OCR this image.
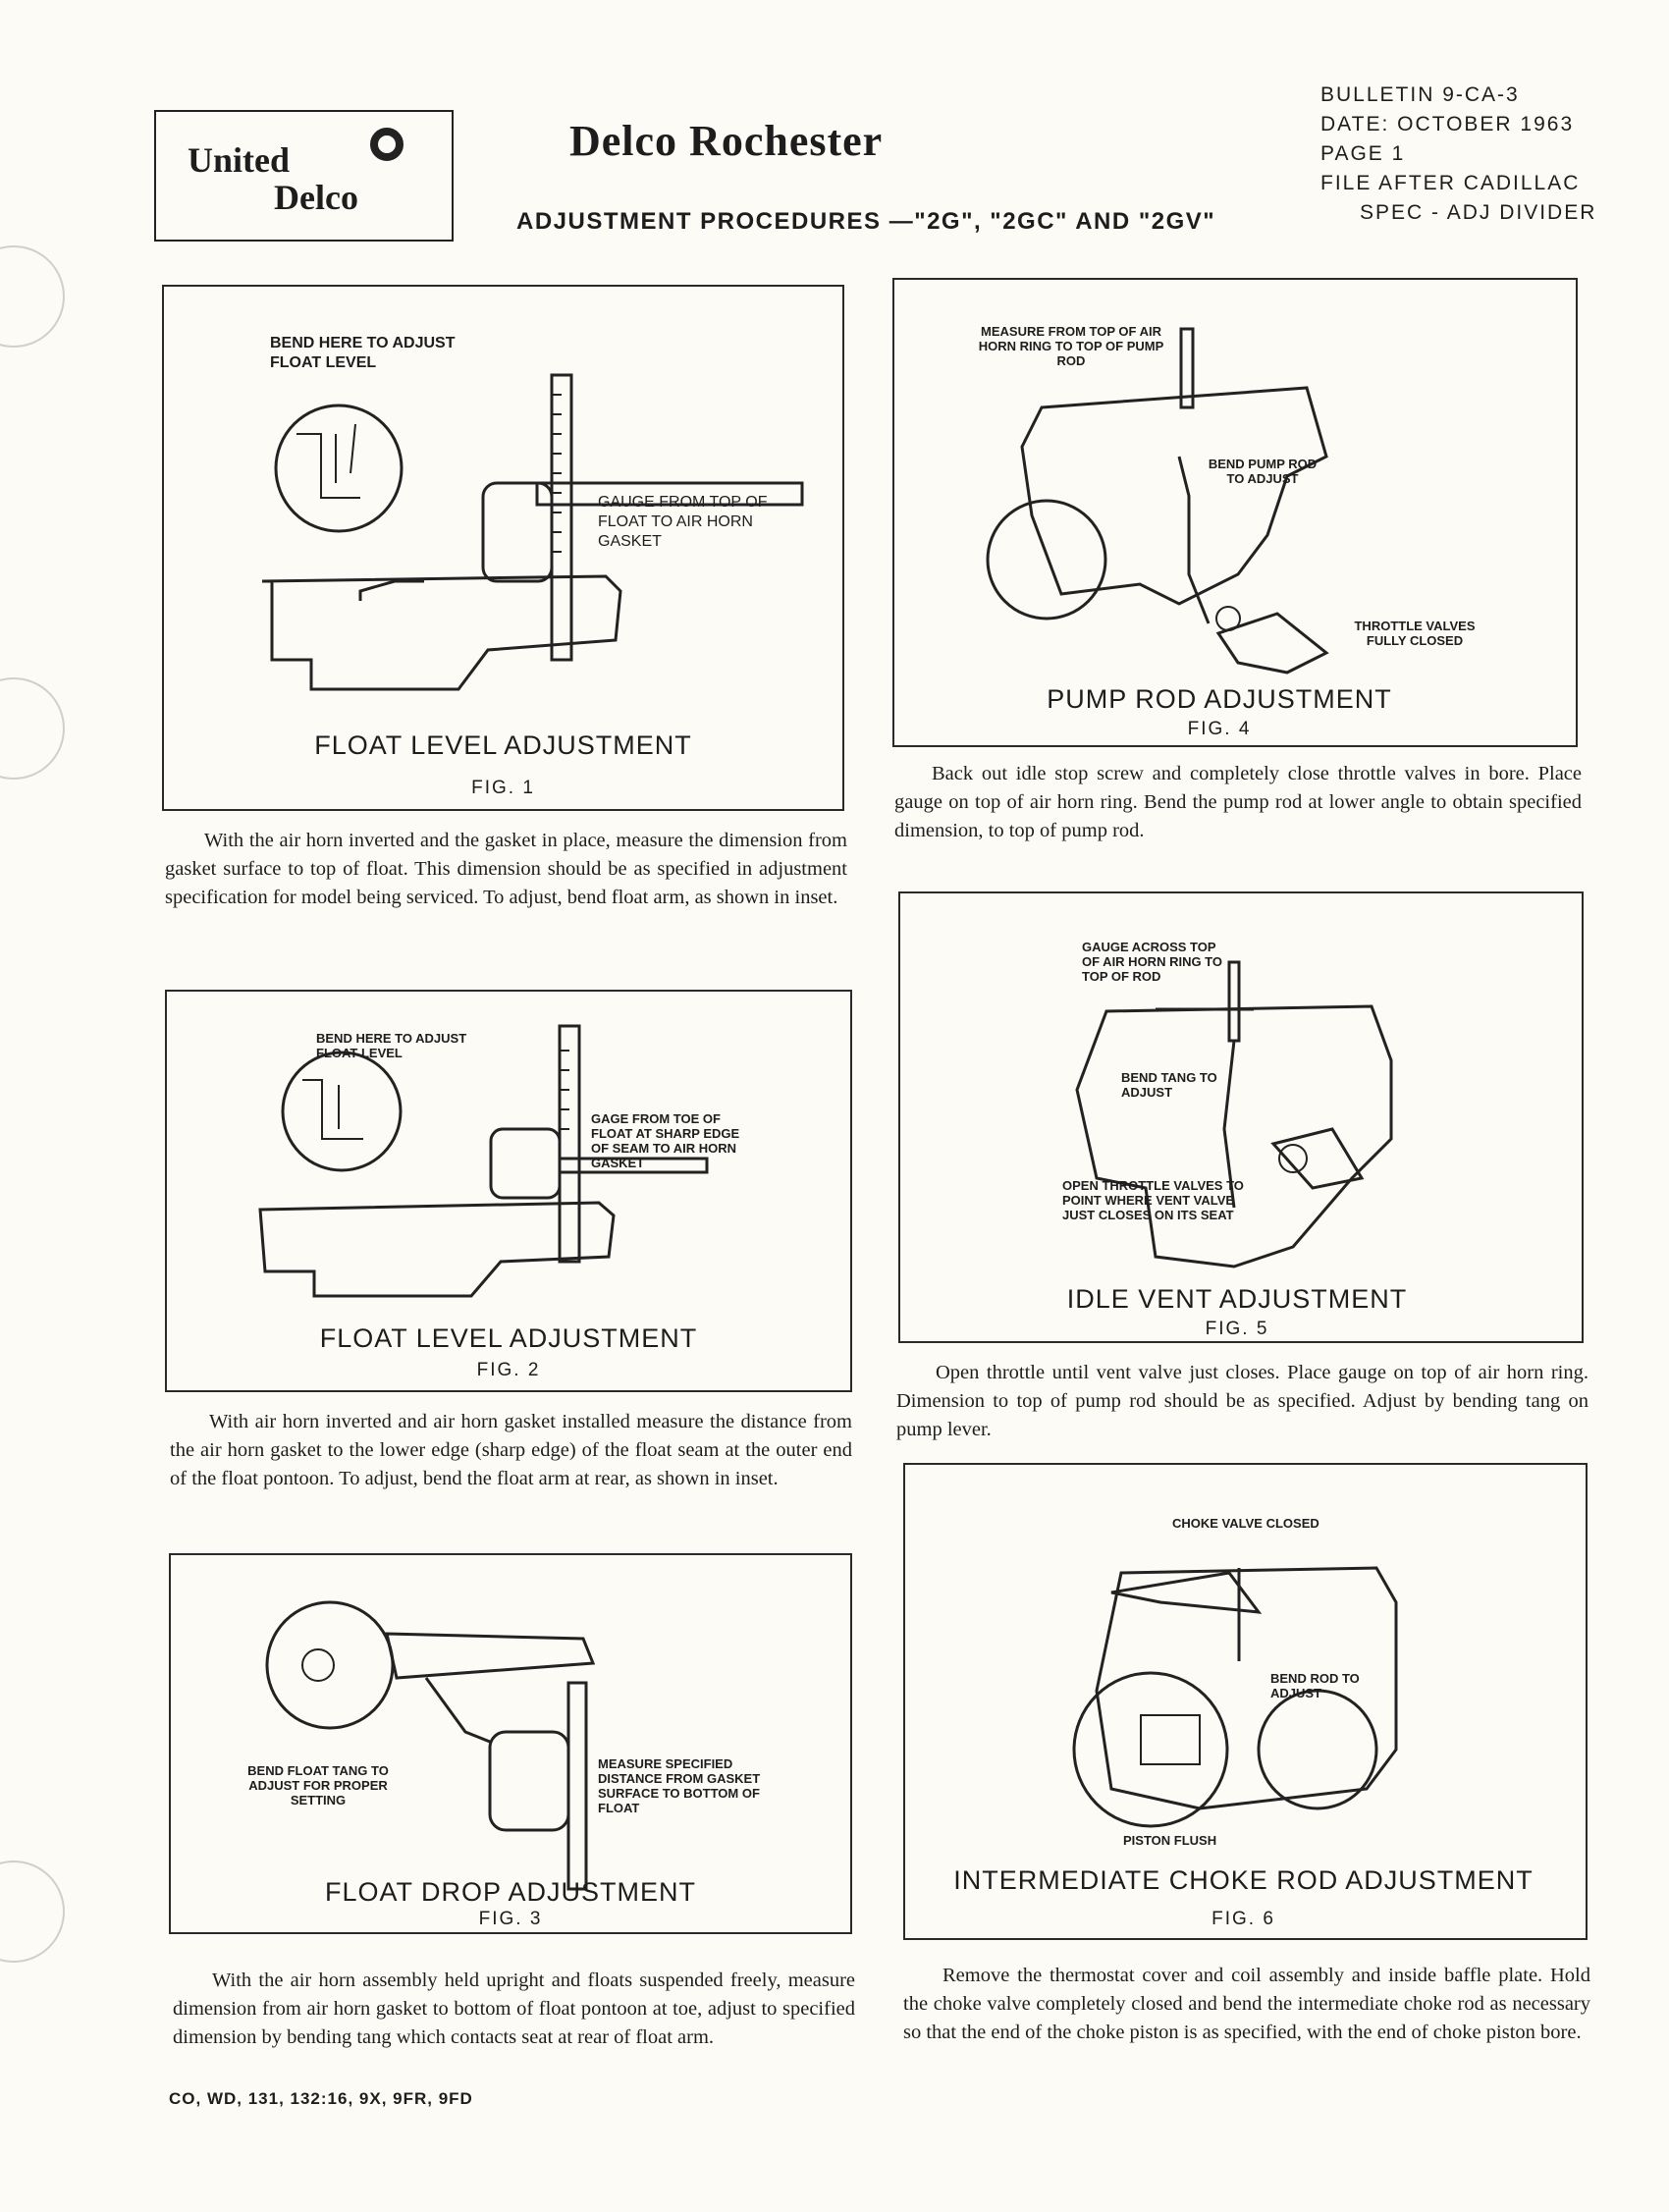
United
Delco
Delco Rochester
ADJUSTMENT PROCEDURES —"2G", "2GC" AND "2GV"
BULLETIN 9-CA-3
DATE: OCTOBER 1963
PAGE 1
FILE AFTER CADILLAC
SPEC - ADJ DIVIDER
BEND HERE TO ADJUST FLOAT LEVEL
GAUGE FROM TOP OF FLOAT TO AIR HORN GASKET
FLOAT LEVEL ADJUSTMENT
FIG. 1
With the air horn inverted and the gasket in place, measure the dimension from gasket surface to top of float. This dimension should be as specified in adjustment specification for model being serviced. To adjust, bend float arm, as shown in inset.
BEND HERE TO ADJUST FLOAT LEVEL
GAGE FROM TOE OF FLOAT AT SHARP EDGE OF SEAM TO AIR HORN GASKET
FLOAT LEVEL ADJUSTMENT
FIG. 2
With air horn inverted and air horn gasket installed measure the distance from the air horn gasket to the lower edge (sharp edge) of the float seam at the outer end of the float pontoon. To adjust, bend the float arm at rear, as shown in inset.
BEND FLOAT TANG TO ADJUST FOR PROPER SETTING
MEASURE SPECIFIED DISTANCE FROM GASKET SURFACE TO BOTTOM OF FLOAT
FLOAT DROP ADJUSTMENT
FIG. 3
With the air horn assembly held upright and floats suspended freely, measure dimension from air horn gasket to bottom of float pontoon at toe, adjust to specified dimension by bending tang which contacts seat at rear of float arm.
MEASURE FROM TOP OF AIR HORN RING TO TOP OF PUMP ROD
BEND PUMP ROD TO ADJUST
THROTTLE VALVES FULLY CLOSED
PUMP ROD ADJUSTMENT
FIG. 4
Back out idle stop screw and completely close throttle valves in bore. Place gauge on top of air horn ring. Bend the pump rod at lower angle to obtain specified dimension, to top of pump rod.
GAUGE ACROSS TOP OF AIR HORN RING TO TOP OF ROD
BEND TANG TO ADJUST
OPEN THROTTLE VALVES TO POINT WHERE VENT VALVE JUST CLOSES ON ITS SEAT
IDLE VENT ADJUSTMENT
FIG. 5
Open throttle until vent valve just closes. Place gauge on top of air horn ring. Dimension to top of pump rod should be as specified. Adjust by bending tang on pump lever.
CHOKE VALVE CLOSED
BEND ROD TO ADJUST
PISTON FLUSH
INTERMEDIATE CHOKE ROD ADJUSTMENT
FIG. 6
Remove the thermostat cover and coil assembly and inside baffle plate. Hold the choke valve completely closed and bend the intermediate choke rod as necessary so that the end of the choke piston is as specified, with the end of choke piston bore.
CO, WD, 131, 132:16, 9X, 9FR, 9FD
